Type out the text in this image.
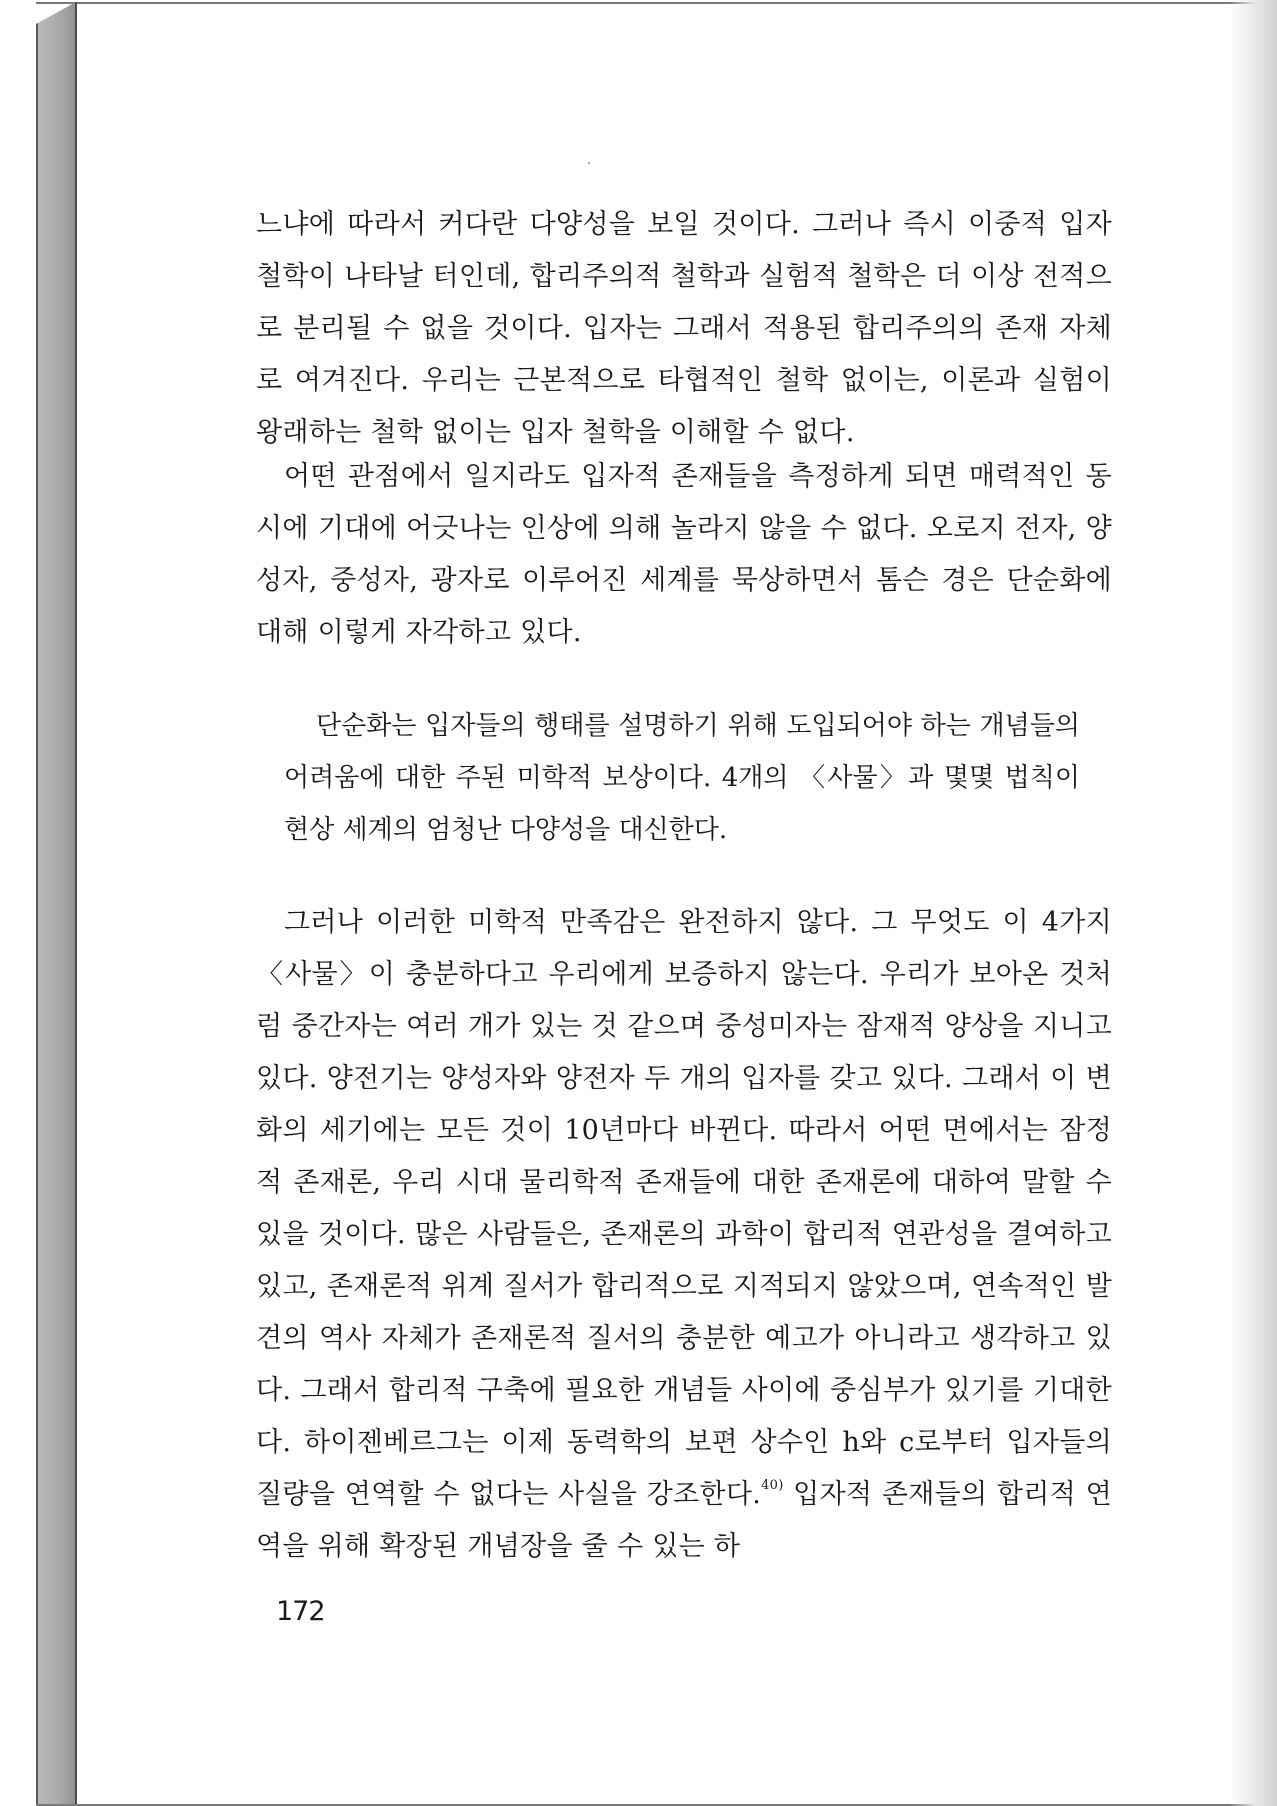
느냐에 따라서 커다란 다양성을 보일 것이다. 그러나 즉시 이중적 입자 철학이 나타날 터인데, 합리주의적 철학과 실험적 철학은 더 이상 전적으로 분리될 수 없을 것이다. 입자는 그래서 적용된 합리주의의 존재 자체로 여겨진다. 우리는 근본적으로 타협적인 철학 없이는, 이론과 실험이 왕래하는 철학 없이는 입자 철학을 이해할 수 없다.

어떤 관점에서 일지라도 입자적 존재들을 측정하게 되면 매력적인 동시에 기대에 어긋나는 인상에 의해 놀라지 않을 수 없다. 오로지 전자, 양성자, 중성자, 광자로 이루어진 세계를 묵상하면서 톰슨 경은 단순화에 대해 이렇게 자각하고 있다.

단순화는 입자들의 행태를 설명하기 위해 도입되어야 하는 개념들의 어려움에 대한 주된 미학적 보상이다. 4개의 〈사물〉과 몇몇 법칙이 현상 세계의 엄청난 다양성을 대신한다.

그러나 이러한 미학적 만족감은 완전하지 않다. 그 무엇도 이 4가지 〈사물〉이 충분하다고 우리에게 보증하지 않는다. 우리가 보아온 것처럼 중간자는 여러 개가 있는 것 같으며 중성미자는 잠재적 양상을 지니고 있다. 양전기는 양성자와 양전자 두 개의 입자를 갖고 있다. 그래서 이 변화의 세기에는 모든 것이 10년마다 바뀐다. 따라서 어떤 면에서는 잠정적 존재론, 우리 시대 물리학적 존재들에 대한 존재론에 대하여 말할 수 있을 것이다. 많은 사람들은, 존재론의 과학이 합리적 연관성을 결여하고 있고, 존재론적 위계 질서가 합리적으로 지적되지 않았으며, 연속적인 발견의 역사 자체가 존재론적 질서의 충분한 예고가 아니라고 생각하고 있다. 그래서 합리적 구축에 필요한 개념들 사이에 중심부가 있기를 기대한다. 하이젠베르그는 이제 동력학의 보편 상수인 h와 c로부터 입자들의 질량을 연역할 수 없다는 사실을 강조한다.$^{40)}$ 입자적 존재들의 합리적 연역을 위해 확장된 개념장을 줄 수 있는 하

172
